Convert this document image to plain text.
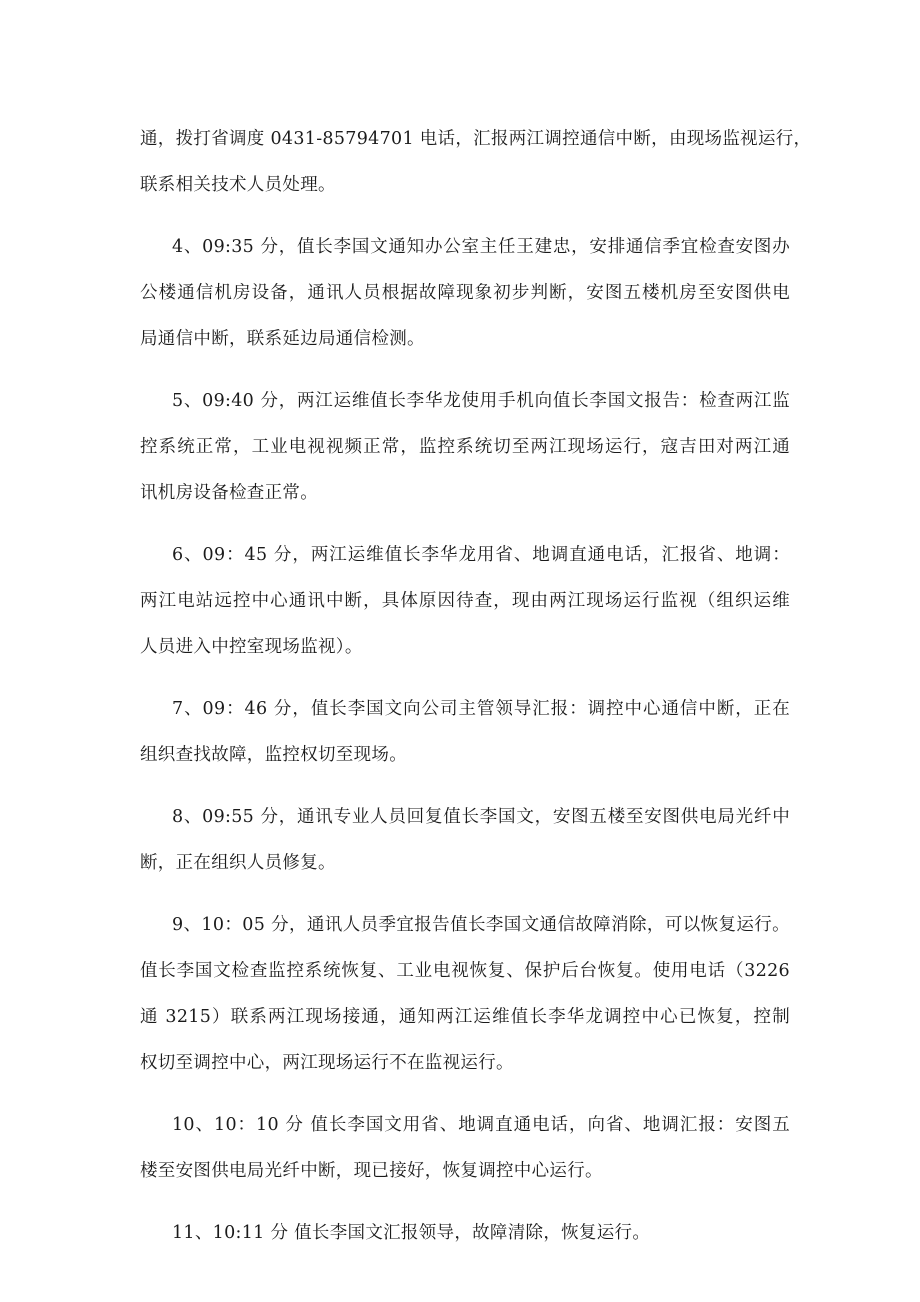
通，拨打省调度 0431-85794701 电话，汇报两江调控通信中断，由现场监视运行，
联系相关技术人员处理。
4、09:35 分，值长李国文通知办公室主任王建忠，安排通信季宜检查安图办
公楼通信机房设备，通讯人员根据故障现象初步判断，安图五楼机房至安图供电
局通信中断，联系延边局通信检测。
5、09:40 分，两江运维值长李华龙使用手机向值长李国文报告：检查两江监
控系统正常，工业电视视频正常，监控系统切至两江现场运行，寇吉田对两江通
讯机房设备检查正常。
6、09：45 分，两江运维值长李华龙用省、地调直通电话，汇报省、地调：
两江电站远控中心通讯中断，具体原因待查，现由两江现场运行监视（组织运维
人员进入中控室现场监视）。
7、09：46 分，值长李国文向公司主管领导汇报：调控中心通信中断，正在
组织查找故障，监控权切至现场。
8、09:55 分，通讯专业人员回复值长李国文，安图五楼至安图供电局光纤中
断，正在组织人员修复。
9、10：05 分，通讯人员季宜报告值长李国文通信故障消除，可以恢复运行。
值长李国文检查监控系统恢复、工业电视恢复、保护后台恢复。使用电话（3226
通 3215）联系两江现场接通，通知两江运维值长李华龙调控中心已恢复，控制
权切至调控中心，两江现场运行不在监视运行。
10、10：10 分 值长李国文用省、地调直通电话，向省、地调汇报：安图五
楼至安图供电局光纤中断，现已接好，恢复调控中心运行。
11、10:11 分 值长李国文汇报领导，故障清除，恢复运行。
